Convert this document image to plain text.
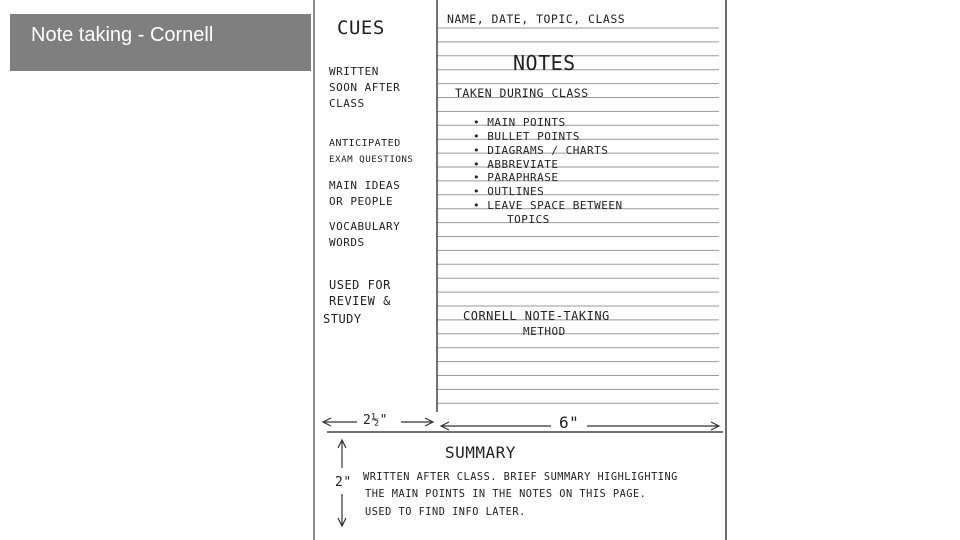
Note taking - Cornell	CUES
WRITTEN
SOON AFTER
CLASS
ANTICIPATED
EXAM QUESTIONS
MAIN IDEAS
OR PEOPLE
VOCABULARY
WORDS
USED FOR
REVIEW &
STUDY
NAME, DATE, TOPIC, CLASS
NOTES
TAKEN DURING CLASS
• MAIN POINTS
• BULLET POINTS
• DIAGRAMS / CHARTS
• ABBREVIATE
• PARAPHRASE
• OUTLINES
• LEAVE SPACE BETWEEN
TOPICS
CORNELL NOTE-TAKING
METHOD
2½"	6"
2"
SUMMARY
WRITTEN AFTER CLASS. BRIEF SUMMARY HIGHLIGHTING
THE MAIN POINTS IN THE NOTES ON THIS PAGE.
USED TO FIND INFO LATER.
